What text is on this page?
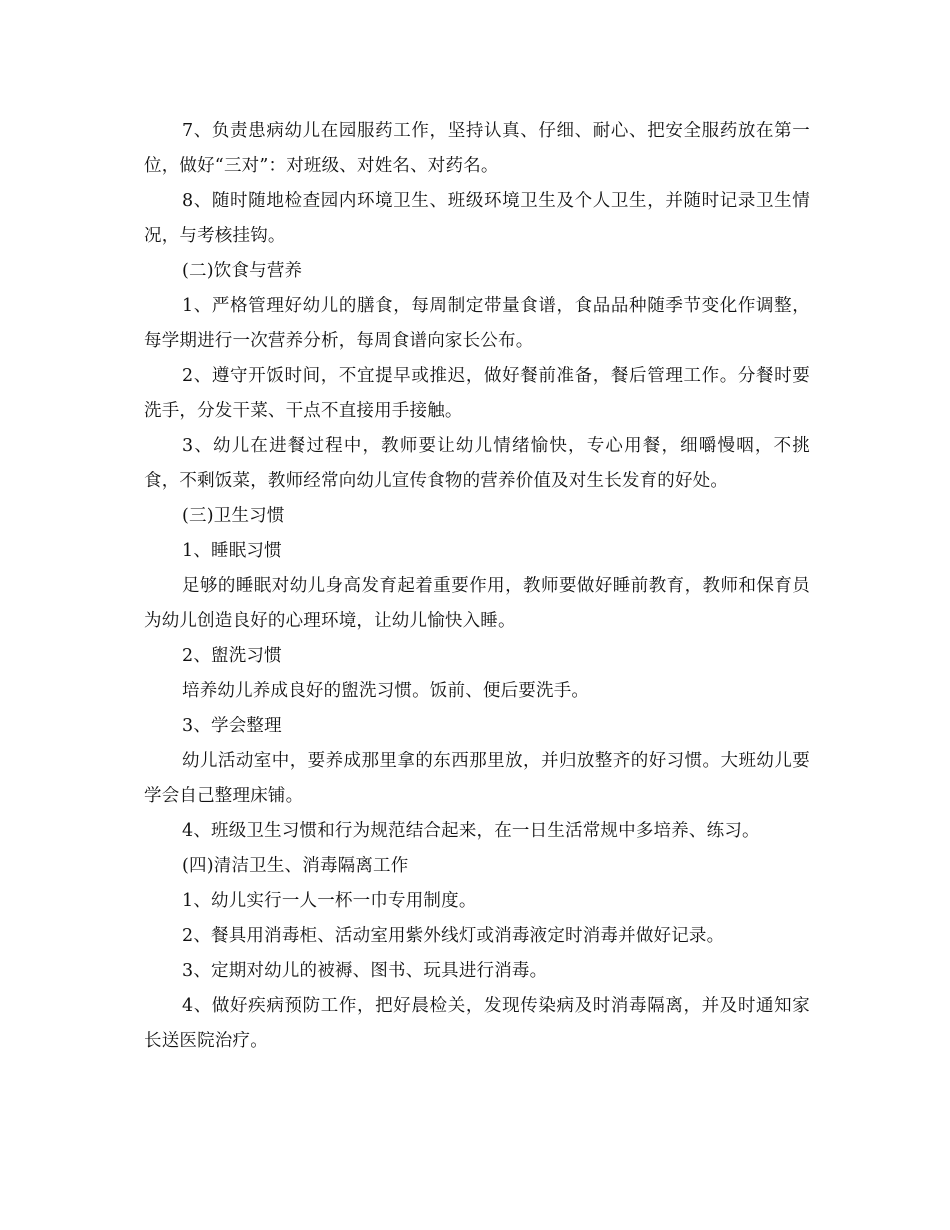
7、负责患病幼儿在园服药工作，坚持认真、仔细、耐心、把安全服药放在第一位，做好“三对”：对班级、对姓名、对药名。

8、随时随地检查园内环境卫生、班级环境卫生及个人卫生，并随时记录卫生情况，与考核挂钩。

(二)饮食与营养

1、严格管理好幼儿的膳食，每周制定带量食谱，食品品种随季节变化作调整，每学期进行一次营养分析，每周食谱向家长公布。

2、遵守开饭时间，不宜提早或推迟，做好餐前准备，餐后管理工作。分餐时要洗手，分发干菜、干点不直接用手接触。

3、幼儿在进餐过程中，教师要让幼儿情绪愉快，专心用餐，细嚼慢咽，不挑食，不剩饭菜，教师经常向幼儿宣传食物的营养价值及对生长发育的好处。

(三)卫生习惯

1、睡眠习惯

足够的睡眠对幼儿身高发育起着重要作用，教师要做好睡前教育，教师和保育员为幼儿创造良好的心理环境，让幼儿愉快入睡。

2、盥洗习惯

培养幼儿养成良好的盥洗习惯。饭前、便后要洗手。

3、学会整理

幼儿活动室中，要养成那里拿的东西那里放，并归放整齐的好习惯。大班幼儿要学会自己整理床铺。

4、班级卫生习惯和行为规范结合起来，在一日生活常规中多培养、练习。

(四)清洁卫生、消毒隔离工作

1、幼儿实行一人一杯一巾专用制度。

2、餐具用消毒柜、活动室用紫外线灯或消毒液定时消毒并做好记录。

3、定期对幼儿的被褥、图书、玩具进行消毒。

4、做好疾病预防工作，把好晨检关，发现传染病及时消毒隔离，并及时通知家长送医院治疗。
